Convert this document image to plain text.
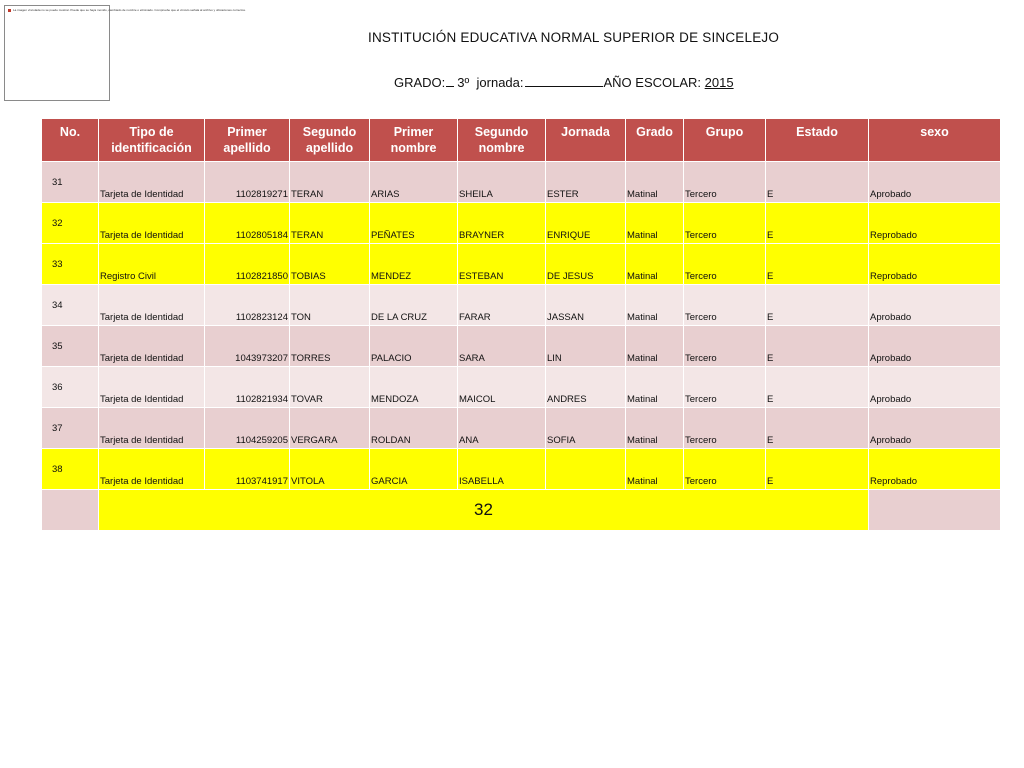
La imagen vinculada no se puede mostrar. Puede que se haya movido, cambiado de nombre o eliminado. Compruebe que el vínculo señala al archivo y ubicaciones correctos.
INSTITUCIÓN EDUCATIVA NORMAL SUPERIOR DE SINCELEJO
GRADO: 3º jornada:	AÑO ESCOLAR: 2015
No.	Tipo de identificación	Primer apellido	Segundo apellido	Primer nombre	Segundo nombre	Jornada	Grado	Grupo	Estado	sexo
31	Tarjeta de Identidad	1102819271	TERAN	ARIAS	SHEILA	ESTER	Matinal	Tercero	E	Aprobado
32	Tarjeta de Identidad	1102805184	TERAN	PEÑATES	BRAYNER	ENRIQUE	Matinal	Tercero	E	Reprobado
33	Registro Civil	1102821850	TOBIAS	MENDEZ	ESTEBAN	DE JESUS	Matinal	Tercero	E	Reprobado
34	Tarjeta de Identidad	1102823124	TON	DE LA CRUZ	FARAR	JASSAN	Matinal	Tercero	E	Aprobado
35	Tarjeta de Identidad	1043973207	TORRES	PALACIO	SARA	LIN	Matinal	Tercero	E	Aprobado
36	Tarjeta de Identidad	1102821934	TOVAR	MENDOZA	MAICOL	ANDRES	Matinal	Tercero	E	Aprobado
37	Tarjeta de Identidad	1104259205	VERGARA	ROLDAN	ANA	SOFIA	Matinal	Tercero	E	Aprobado
38	Tarjeta de Identidad	1103741917	VITOLA	GARCIA	ISABELLA		Matinal	Tercero	E	Reprobado
	32									
